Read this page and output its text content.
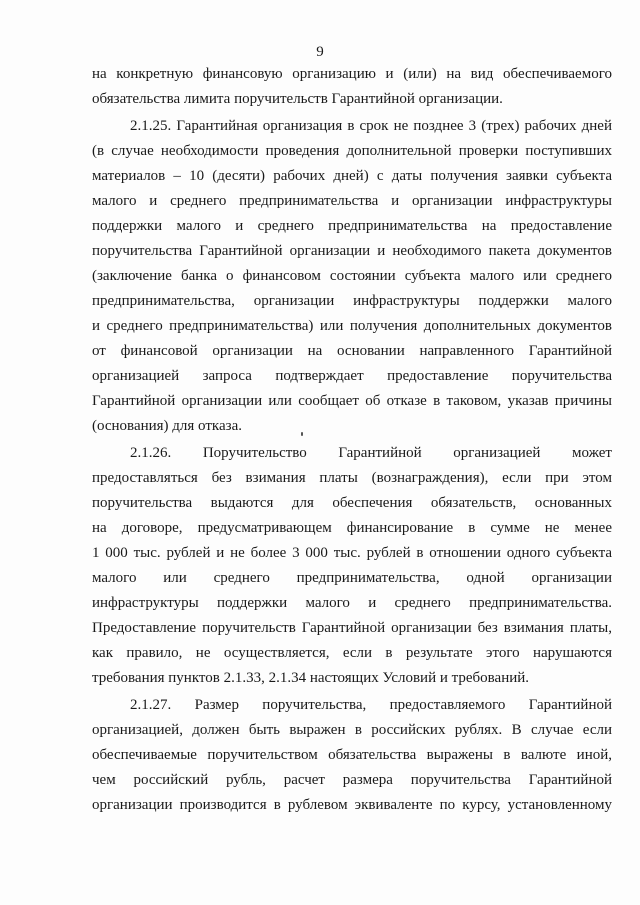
9
на конкретную финансовую организацию и (или) на вид обеспечиваемого
обязательства лимита поручительств Гарантийной организации.
2.1.25. Гарантийная организация в срок не позднее 3 (трех) рабочих дней
(в случае необходимости проведения дополнительной проверки поступивших
материалов – 10 (десяти) рабочих дней) с даты получения заявки субъекта
малого и среднего предпринимательства и организации инфраструктуры
поддержки малого и среднего предпринимательства на предоставление
поручительства Гарантийной организации и необходимого пакета документов
(заключение банка о финансовом состоянии субъекта малого или среднего
предпринимательства, организации инфраструктуры поддержки малого
и среднего предпринимательства) или получения дополнительных документов
от финансовой организации на основании направленного Гарантийной
организацией запроса подтверждает предоставление поручительства
Гарантийной организации или сообщает об отказе в таковом, указав причины
(основания) для отказа.
2.1.26. Поручительство Гарантийной организацией может
предоставляться без взимания платы (вознаграждения), если при этом
поручительства выдаются для обеспечения обязательств, основанных
на договоре, предусматривающем финансирование в сумме не менее
1 000 тыс. рублей и не более 3 000 тыс. рублей в отношении одного субъекта
малого или среднего предпринимательства, одной организации
инфраструктуры поддержки малого и среднего предпринимательства.
Предоставление поручительств Гарантийной организации без взимания платы,
как правило, не осуществляется, если в результате этого нарушаются
требования пунктов 2.1.33, 2.1.34 настоящих Условий и требований.
2.1.27. Размер поручительства, предоставляемого Гарантийной
организацией, должен быть выражен в российских рублях. В случае если
обеспечиваемые поручительством обязательства выражены в валюте иной,
чем российский рубль, расчет размера поручительства Гарантийной
организации производится в рублевом эквиваленте по курсу, установленному
